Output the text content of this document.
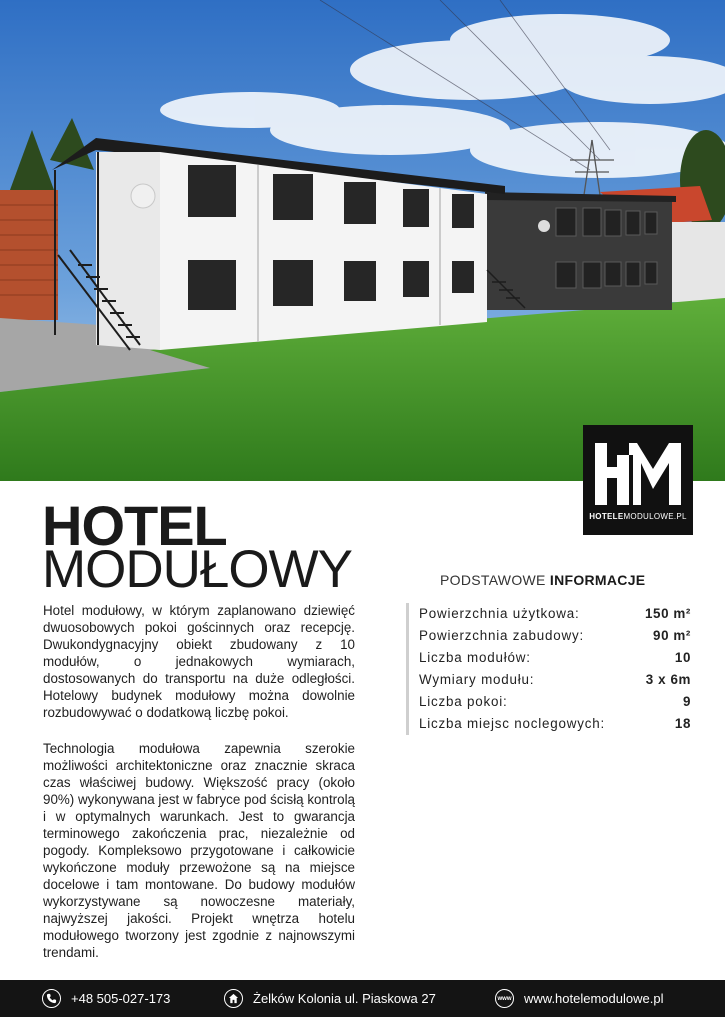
HOTELEMODULOWE.PL
HOTEL
MODUŁOWY

Hotel modułowy, w którym zaplanowano dziewięć dwuosobowych pokoi gościnnych oraz recepcję. Dwukondygnacyjny obiekt zbudowany z 10 modułów, o jednakowych wymiarach, dostosowanych do transportu na duże odległości. Hotelowy budynek modułowy można dowolnie rozbudowywać o dodatkową liczbę pokoi.

Technologia modułowa zapewnia szerokie możliwości architektoniczne oraz znacznie skraca czas właściwej budowy. Większość pracy (około 90%) wykonywana jest w fabryce pod ścisłą kontrolą i w optymalnych warunkach. Jest to gwarancja terminowego zakończenia prac, niezależnie od pogody. Kompleksowo przygotowane i całkowicie wykończone moduły przewożone są na miejsce docelowe i tam montowane. Do budowy modułów wykorzystywane są nowoczesne materiały, najwyższej jakości. Projekt wnętrza hotelu modułowego tworzony jest zgodnie z najnowszymi trendami.

PODSTAWOWE INFORMACJE
Powierzchnia użytkowa:	150 m²
Powierzchnia zabudowy:	90 m²
Liczba modułów:	10
Wymiary modułu:	3 x 6m
Liczba pokoi:	9
Liczba miejsc noclegowych:	18
+48 505-027-173	Żelków Kolonia ul. Piaskowa 27	www www.hotelemodulowe.pl
